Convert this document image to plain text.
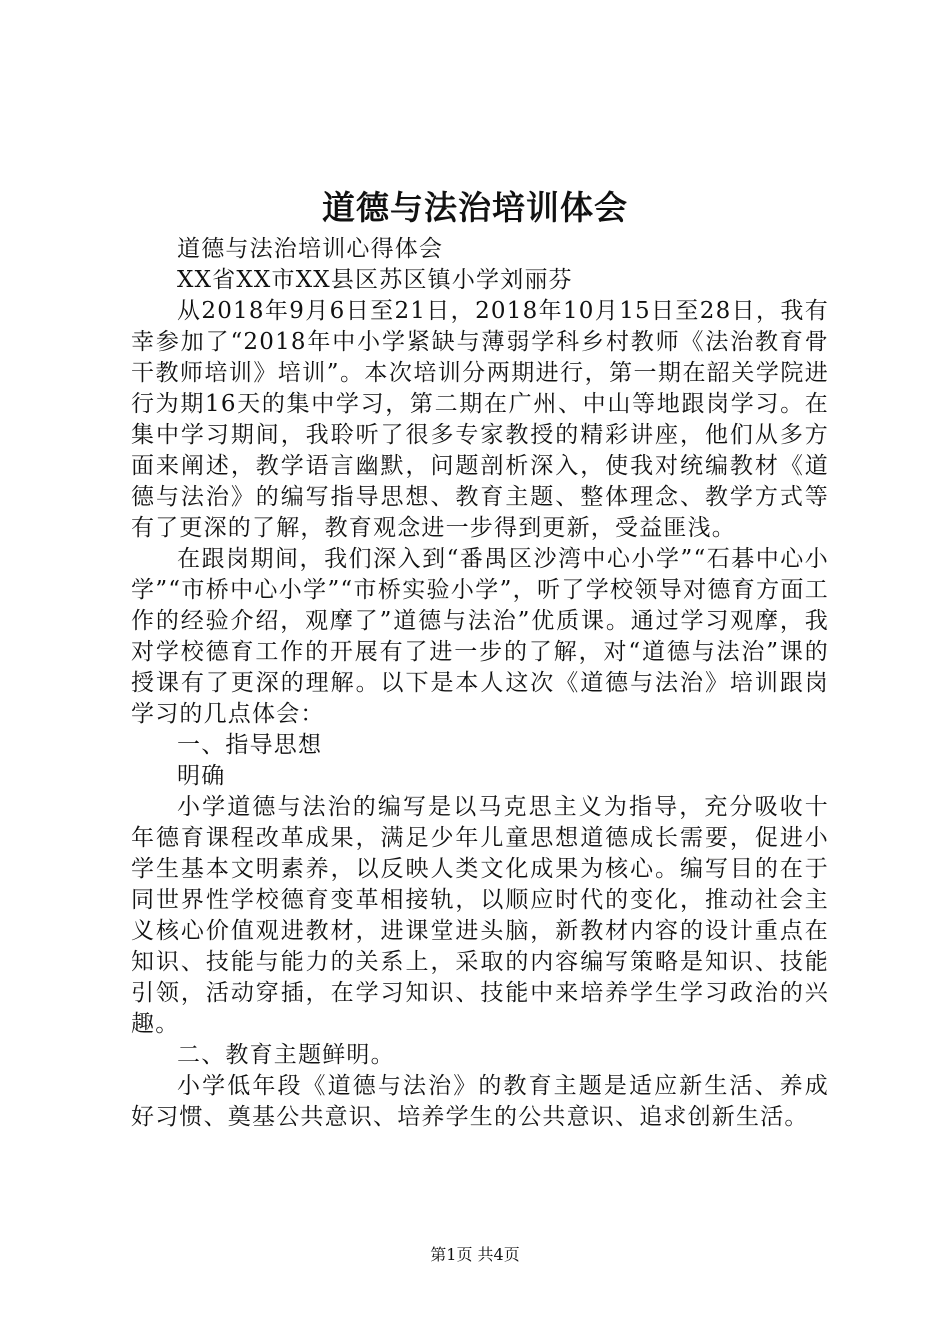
道德与法治培训体会

道德与法治培训心得体会

XX省XX市XX县区苏区镇小学刘丽芬

从2018年9月6日至21日，2018年10月15日至28日，我有幸参加了“2018年中小学紧缺与薄弱学科乡村教师《法治教育骨干教师培训》培训”。本次培训分两期进行，第一期在韶关学院进行为期16天的集中学习，第二期在广州、中山等地跟岗学习。在集中学习期间，我聆听了很多专家教授的精彩讲座，他们从多方面来阐述，教学语言幽默，问题剖析深入，使我对统编教材《道德与法治》的编写指导思想、教育主题、整体理念、教学方式等有了更深的了解，教育观念进一步得到更新，受益匪浅。

在跟岗期间，我们深入到“番禺区沙湾中心小学”“石碁中心小学”“市桥中心小学”“市桥实验小学”，听了学校领导对德育方面工作的经验介绍，观摩了”道德与法治”优质课。通过学习观摩，我对学校德育工作的开展有了进一步的了解，对“道德与法治”课的授课有了更深的理解。以下是本人这次《道德与法治》培训跟岗学习的几点体会：

一、指导思想

明确

小学道德与法治的编写是以马克思主义为指导，充分吸收十年德育课程改革成果，满足少年儿童思想道德成长需要，促进小学生基本文明素养，以反映人类文化成果为核心。编写目的在于同世界性学校德育变革相接轨，以顺应时代的变化，推动社会主义核心价值观进教材，进课堂进头脑，新教材内容的设计重点在知识、技能与能力的关系上，采取的内容编写策略是知识、技能引领，活动穿插，在学习知识、技能中来培养学生学习政治的兴趣。

二、教育主题鲜明。

小学低年段《道德与法治》的教育主题是适应新生活、养成好习惯、奠基公共意识、培养学生的公共意识、追求创新生活。

第1页 共4页
